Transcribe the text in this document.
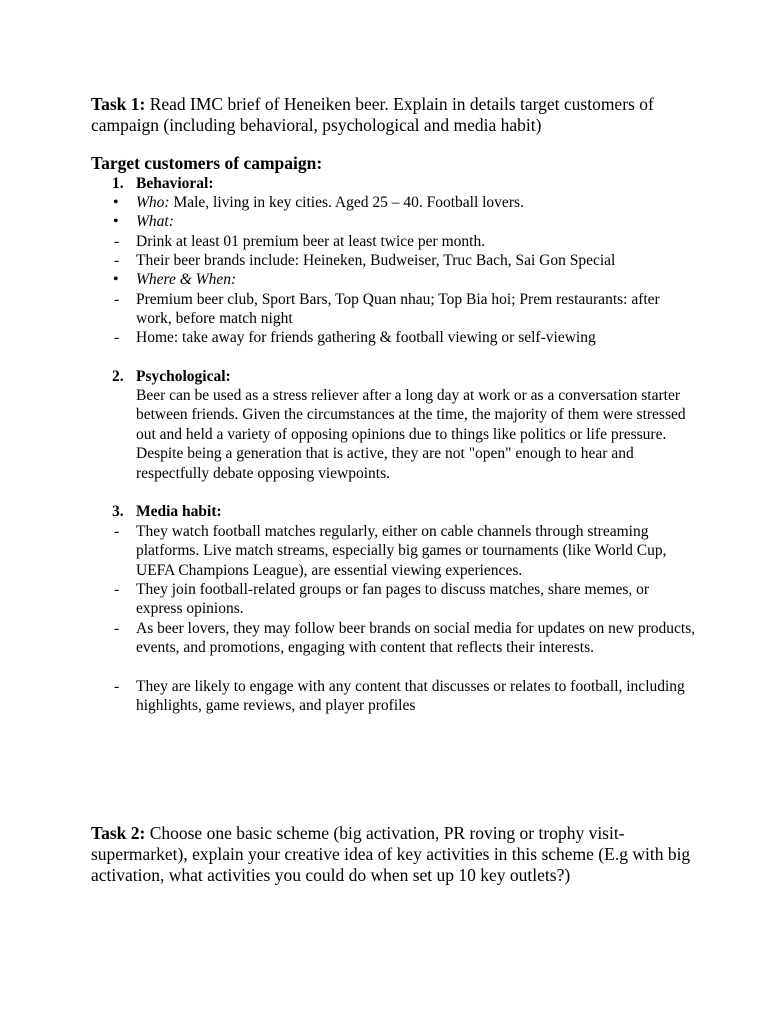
Task 1: Read IMC brief of Heneiken beer. Explain in details target customers of campaign (including behavioral, psychological and media habit)
Target customers of campaign:
1. Behavioral:
•	Who: Male, living in key cities. Aged 25 – 40. Football lovers.
•	What:
-	Drink at least 01 premium beer at least twice per month.
-	Their beer brands include: Heineken, Budweiser, Truc Bach, Sai Gon Special
•	Where & When:
-	Premium beer club, Sport Bars, Top Quan nhau; Top Bia hoi; Prem restaurants: after work, before match night
-	Home: take away for friends gathering & football viewing or self-viewing
2. Psychological:
Beer can be used as a stress reliever after a long day at work or as a conversation starter between friends. Given the circumstances at the time, the majority of them were stressed out and held a variety of opposing opinions due to things like politics or life pressure. Despite being a generation that is active, they are not "open" enough to hear and respectfully debate opposing viewpoints.
3. Media habit:
-	They watch football matches regularly, either on cable channels through streaming platforms. Live match streams, especially big games or tournaments (like World Cup, UEFA Champions League), are essential viewing experiences.
-	They join football-related groups or fan pages to discuss matches, share memes, or express opinions.
-	As beer lovers, they may follow beer brands on social media for updates on new products, events, and promotions, engaging with content that reflects their interests.
-	They are likely to engage with any content that discusses or relates to football, including highlights, game reviews, and player profiles
Task 2: Choose one basic scheme (big activation, PR roving or trophy visit-supermarket), explain your creative idea of key activities in this scheme (E.g with big activation, what activities you could do when set up 10 key outlets?)
